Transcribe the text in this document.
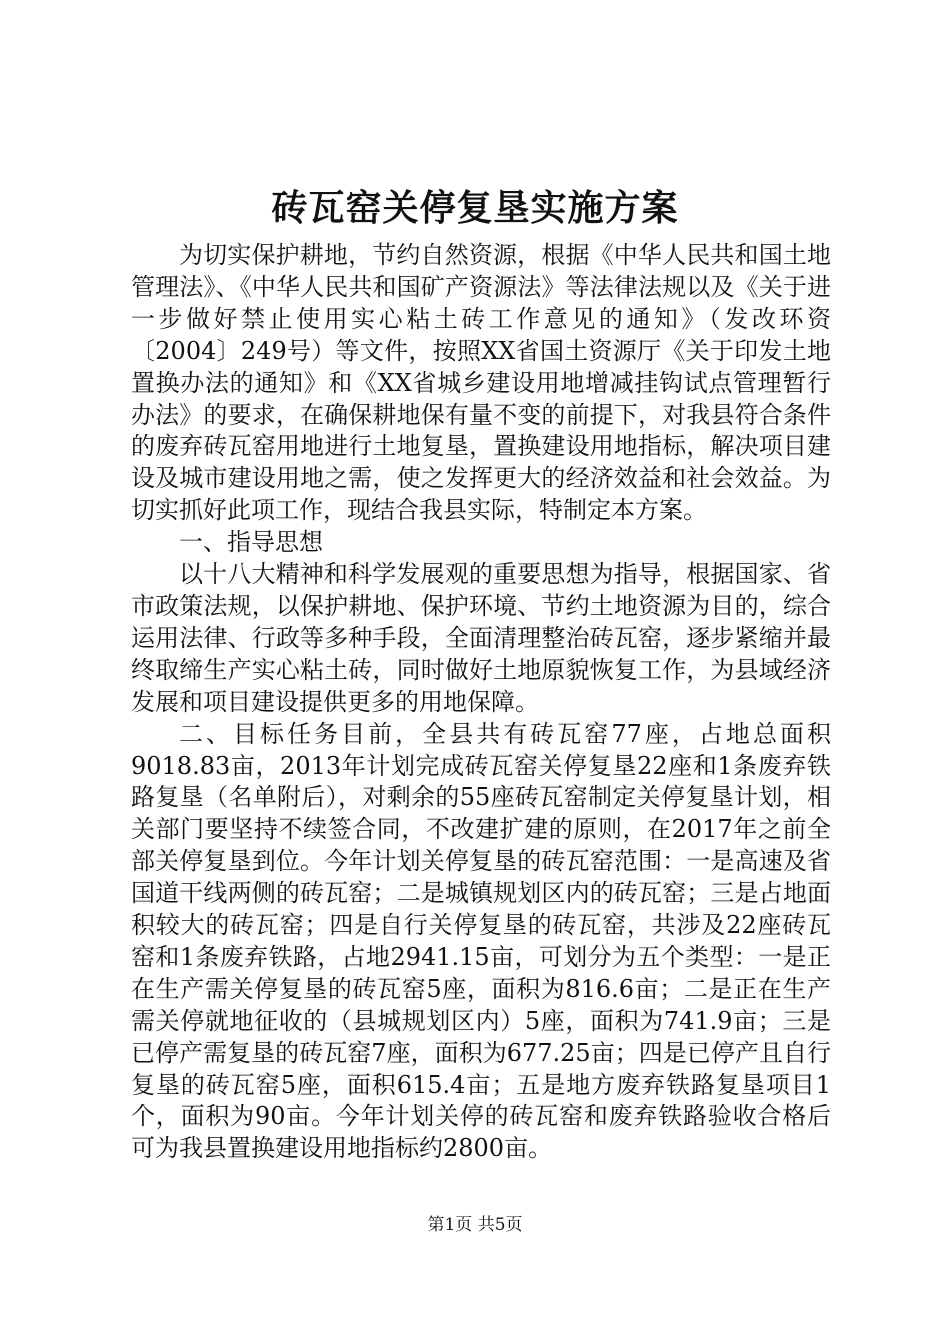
砖瓦窑关停复垦实施方案

为切实保护耕地，节约自然资源，根据《中华人民共和国土地管理法》、《中华人民共和国矿产资源法》等法律法规以及《关于进一步做好禁止使用实心粘土砖工作意见的通知》（发改环资〔2004〕249号）等文件，按照XX省国土资源厅《关于印发土地置换办法的通知》和《XX省城乡建设用地增减挂钩试点管理暂行办法》的要求，在确保耕地保有量不变的前提下，对我县符合条件的废弃砖瓦窑用地进行土地复垦，置换建设用地指标，解决项目建设及城市建设用地之需，使之发挥更大的经济效益和社会效益。为切实抓好此项工作，现结合我县实际，特制定本方案。

一、指导思想

以十八大精神和科学发展观的重要思想为指导，根据国家、省市政策法规，以保护耕地、保护环境、节约土地资源为目的，综合运用法律、行政等多种手段，全面清理整治砖瓦窑，逐步紧缩并最终取缔生产实心粘土砖，同时做好土地原貌恢复工作，为县域经济发展和项目建设提供更多的用地保障。

二、目标任务目前，全县共有砖瓦窑77座，占地总面积9018.83亩，2013年计划完成砖瓦窑关停复垦22座和1条废弃铁路复垦（名单附后），对剩余的55座砖瓦窑制定关停复垦计划，相关部门要坚持不续签合同，不改建扩建的原则，在2017年之前全部关停复垦到位。今年计划关停复垦的砖瓦窑范围：一是高速及省国道干线两侧的砖瓦窑；二是城镇规划区内的砖瓦窑；三是占地面积较大的砖瓦窑；四是自行关停复垦的砖瓦窑，共涉及22座砖瓦窑和1条废弃铁路，占地2941.15亩，可划分为五个类型：一是正在生产需关停复垦的砖瓦窑5座，面积为816.6亩；二是正在生产需关停就地征收的（县城规划区内）5座，面积为741.9亩；三是已停产需复垦的砖瓦窑7座，面积为677.25亩；四是已停产且自行复垦的砖瓦窑5座，面积615.4亩；五是地方废弃铁路复垦项目1个，面积为90亩。今年计划关停的砖瓦窑和废弃铁路验收合格后可为我县置换建设用地指标约2800亩。

第1页 共5页
